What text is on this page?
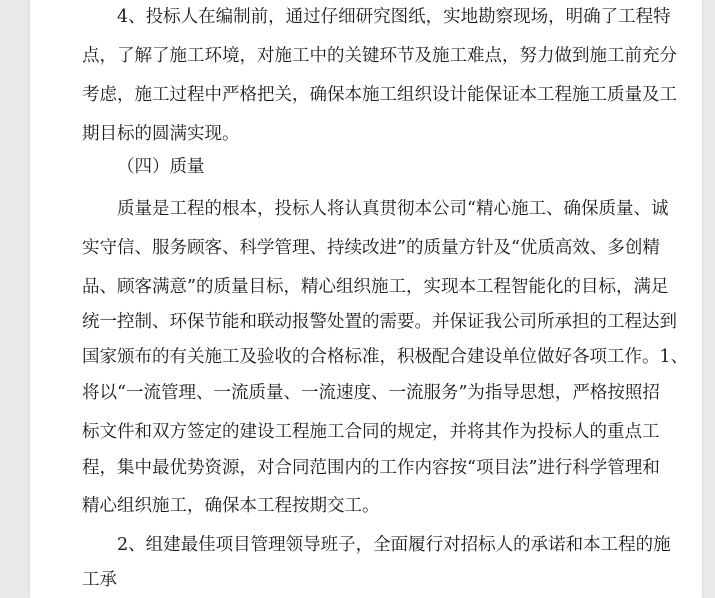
4、投标人在编制前，通过仔细研究图纸，实地勘察现场，明确了工程特
点，了解了施工环境，对施工中的关键环节及施工难点，努力做到施工前充分
考虑，施工过程中严格把关，确保本施工组织设计能保证本工程施工质量及工
期目标的圆满实现。
（四）质量
质量是工程的根本，投标人将认真贯彻本公司“精心施工、确保质量、诚
实守信、服务顾客、科学管理、持续改进”的质量方针及“优质高效、多创精
品、顾客满意”的质量目标，精心组织施工，实现本工程智能化的目标，满足
统一控制、环保节能和联动报警处置的需要。并保证我公司所承担的工程达到
国家颁布的有关施工及验收的合格标准，积极配合建设单位做好各项工作。1、
将以“一流管理、一流质量、一流速度、一流服务”为指导思想，严格按照招
标文件和双方签定的建设工程施工合同的规定，并将其作为投标人的重点工
程，集中最优势资源，对合同范围内的工作内容按“项目法”进行科学管理和
精心组织施工，确保本工程按期交工。
2、组建最佳项目管理领导班子，全面履行对招标人的承诺和本工程的施
工承
